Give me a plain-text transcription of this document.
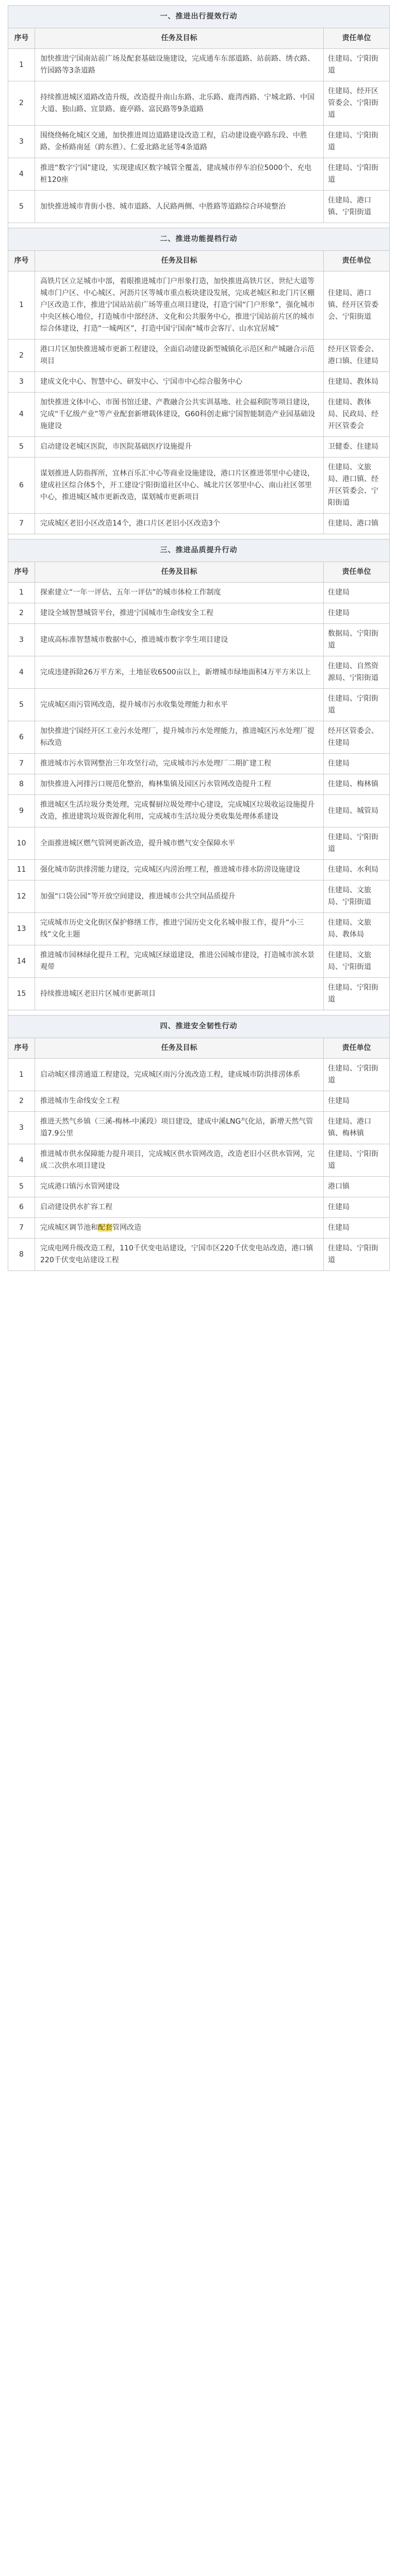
一、推进出行提效行动		
序号	任务及目标	责任单位
1	加快推进宁国南站前广场及配套基础设施建设，完成通车东部道路、站前路、绣衣路、竹园路等3条道路	住建局、宁阳街道
2	持续推进城区道路改造升级，改造提升南山东路、北乐路、鹿湾西路、宁城北路、中国大道、独山路、宜景路、鹿亭路、富民路等9条道路	住建局、经开区管委会、宁阳街道
3	围绕绕畅化城区交通，加快推进周边道路建设改造工程，启动建设鹿亭路东段、中胜路、金桥路南延（跨东胜）、仁爱北路北延等4条道路	住建局、宁阳街道
4	推进“数字宁国”建设，实现建成区数字城管全覆盖，建成城市停车泊位5000个、充电桩120座	住建局、宁阳街道
5	加快推进城市背街小巷、城市道路、人民路两侧、中胜路等道路综合环境整治	住建局、港口镇、宁阳街道

二、推进功能提档行动		
序号	任务及目标	责任单位
1	高铁片区立足城市中部，着眼推进城市门户形象打造，加快推进高铁片区、世纪大道等城市门户区、中心城区、河沥片区等城市重点板块建设发展，完成老城区和北门片区棚户区改造工作，推进宁国站站前广场等重点项目建设，打造宁国“门户形象”，强化城市中央区核心地位，打造城市中部经济、文化和公共服务中心，推进宁国站前片区的城市综合体建设，打造“一城两区”，打造中国宁国南“城市会客厅、山水宜居城”	住建局、港口镇、经开区管委会、宁阳街道
2	港口片区加快推进城市更新工程建设，全面启动建设新型城镇化示范区和产城融合示范项目	经开区管委会、港口镇、住建局
3	建成文化中心、智慧中心、研发中心、宁国市中心综合服务中心	住建局、教体局
4	加快推进文体中心、市图书馆迁建、产教融合公共实训基地、社会福利院等项目建设，完成“千亿级产业”等产业配套新增载体建设，G60科创走廊宁国智能制造产业园基础设施建设	住建局、教体局、民政局、经开区管委会
5	启动建设老城区医院，市医院基础医疗设施提升	卫健委、住建局
6	谋划推进人防指挥所，宜林百乐汇中心等商业设施建设，港口片区推进邻里中心建设，建成社区综合体5个，开工建设宁阳街道社区中心、城北片区邻里中心、南山社区邻里中心，推进城区城市更新改造，谋划城市更新项目	住建局、文旅局、港口镇、经开区管委会、宁阳街道
7	完成城区老旧小区改造14个，港口片区老旧小区改造3个	住建局、港口镇

三、推进品质提升行动		
序号	任务及目标	责任单位
1	探索建立“一年一评估、五年一评估”的城市体检工作制度	住建局
2	建设全域智慧城管平台，推进宁国城市生命线安全工程	住建局
3	建成高标准智慧城市数据中心，推进城市数字孪生项目建设	数据局、宁阳街道
4	完成违建拆除26万平方米，土地征收6500亩以上，新增城市绿地面积4万平方米以上	住建局、自然资源局、宁阳街道
5	完成城区雨污管网改造，提升城市污水收集处理能力和水平	住建局、宁阳街道
6	加快推进宁国经开区工业污水处理厂，提升城市污水处理能力，推进城区污水处理厂提标改造	经开区管委会、住建局
7	推进城市污水管网整治三年攻坚行动，完成城市污水处理厂二期扩建工程	住建局
8	加快推进入河排污口规范化整治，梅林集镇及园区污水管网改造提升工程	住建局、梅林镇
9	推进城区生活垃圾分类处理，完成餐厨垃圾处理中心建设，完成城区垃圾收运设施提升改造，推进建筑垃圾资源化利用，完成城市生活垃圾分类收集处理体系建设	住建局、城管局
10	全面推进城区燃气管网更新改造，提升城市燃气安全保障水平	住建局、宁阳街道
11	强化城市防洪排涝能力建设，完成城区内涝治理工程，推进城市排水防涝设施建设	住建局、水利局
12	加强“口袋公园”等开放空间建设，推进城市公共空间品质提升	住建局、文旅局、宁阳街道
13	完成城市历史文化街区保护修缮工作，推进宁国历史文化名城申报工作，提升“小三线”文化主题	住建局、文旅局、教体局
14	推进城市园林绿化提升工程，完成城区绿道建设，推进公园城市建设，打造城市滨水景观带	住建局、文旅局、宁阳街道
15	持续推进城区老旧片区城市更新项目	住建局、宁阳街道

四、推进安全韧性行动		
序号	任务及目标	责任单位
1	启动城区排涝通道工程建设，完成城区雨污分流改造工程，建成城市防洪排涝体系	住建局、宁阳街道
2	推进城市生命线安全工程	住建局
3	推进天然气乡镇（三溪-梅林-中溪段）项目建设，建成中溪LNG气化站，新增天然气管道7.9公里	住建局、港口镇、梅林镇
4	推进城市供水保障能力提升项目，完成城区供水管网改造，改造老旧小区供水管网，完成二次供水项目建设	住建局、宁阳街道
5	完成港口镇污水管网建设	港口镇
6	启动建设供水扩容工程	住建局
7	完成城区调节池和配套管网改造	住建局
8	完成电网升级改造工程，110千伏变电站建设，宁国市区220千伏变电站改造，港口镇220千伏变电站建设工程	住建局、宁阳街道
